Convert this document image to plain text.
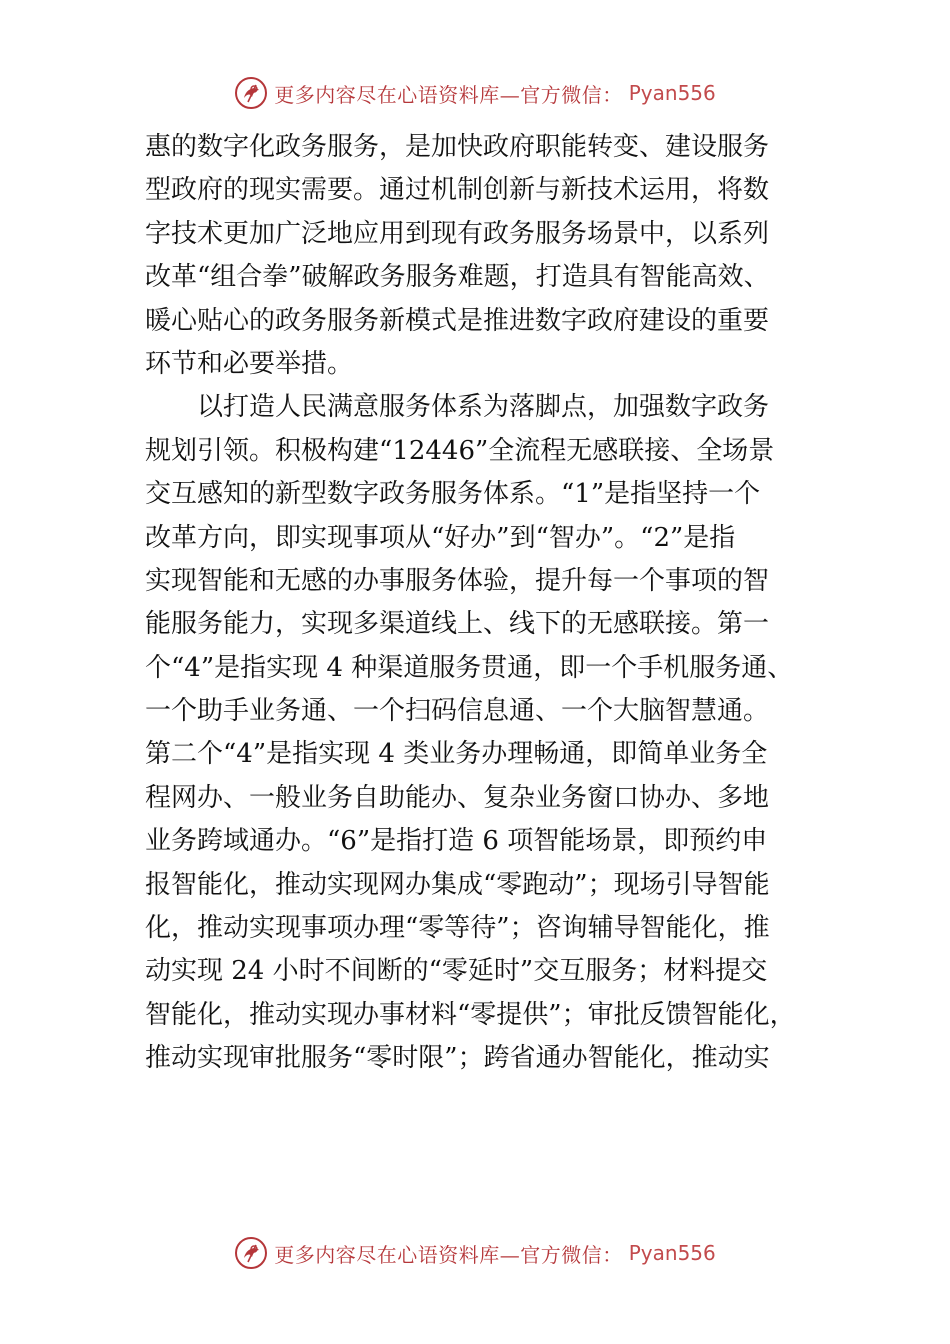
更多内容尽在心语资料库—官方微信： Pyan556
惠的数字化政务服务，是加快政府职能转变、建设服务
型政府的现实需要。通过机制创新与新技术运用，将数
字技术更加广泛地应用到现有政务服务场景中，以系列
改革“组合拳”破解政务服务难题，打造具有智能高效、
暖心贴心的政务服务新模式是推进数字政府建设的重要
环节和必要举措。
　　以打造人民满意服务体系为落脚点，加强数字政务
规划引领。积极构建“12446”全流程无感联接、全场景
交互感知的新型数字政务服务体系。“1”是指坚持一个
改革方向，即实现事项从“好办”到“智办”。“2”是指
实现智能和无感的办事服务体验，提升每一个事项的智
能服务能力，实现多渠道线上、线下的无感联接。第一
个“4”是指实现 4 种渠道服务贯通，即一个手机服务通、
一个助手业务通、一个扫码信息通、一个大脑智慧通。
第二个“4”是指实现 4 类业务办理畅通，即简单业务全
程网办、一般业务自助能办、复杂业务窗口协办、多地
业务跨域通办。“6”是指打造 6 项智能场景，即预约申
报智能化，推动实现网办集成“零跑动”；现场引导智能
化，推动实现事项办理“零等待”；咨询辅导智能化，推
动实现 24 小时不间断的“零延时”交互服务；材料提交
智能化，推动实现办事材料“零提供”；审批反馈智能化，
推动实现审批服务“零时限”；跨省通办智能化，推动实
更多内容尽在心语资料库—官方微信： Pyan556
